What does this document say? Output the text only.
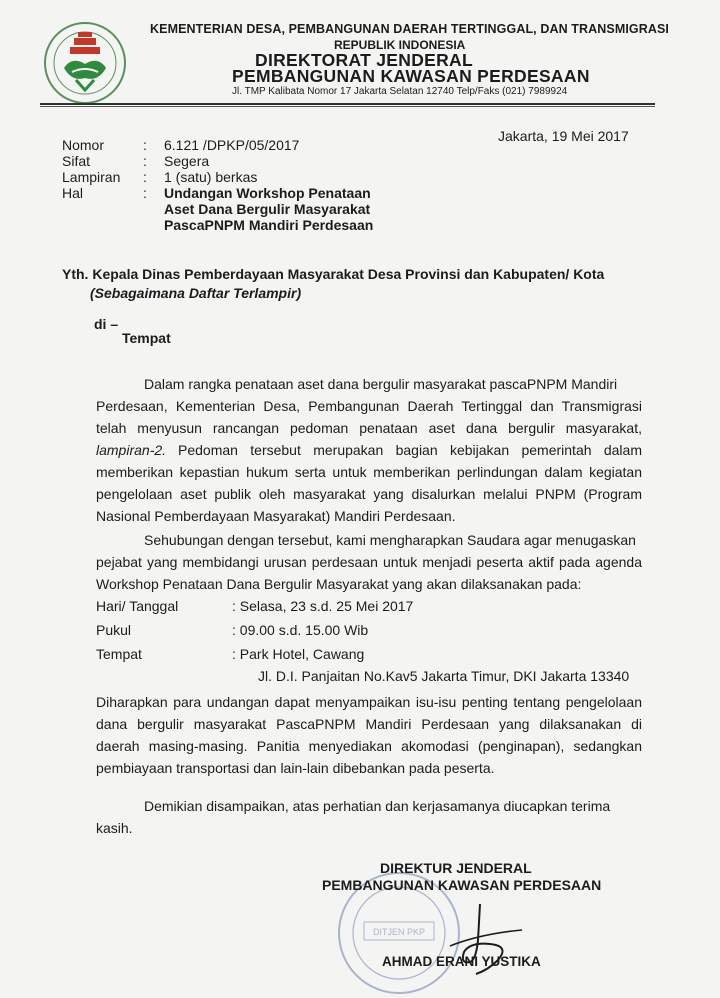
KEMENTERIAN DESA, PEMBANGUNAN DAERAH TERTINGGAL, DAN TRANSMIGRASI
REPUBLIK INDONESIA
DIREKTORAT JENDERAL
PEMBANGUNAN KAWASAN PERDESAAN
Jl. TMP Kalibata Nomor 17 Jakarta Selatan 12740 Telp/Faks (021) 7989924
Nomor	: 6.121 /DPKP/05/2017
Sifat	: Segera
Lampiran : 1 (satu) berkas
Hal	: Undangan Workshop Penataan
Aset Dana Bergulir Masyarakat
PascaPNPM Mandiri Perdesaan
Jakarta, 19 Mei 2017
Yth. Kepala Dinas Pemberdayaan Masyarakat Desa Provinsi dan Kabupaten/ Kota
(Sebagaimana Daftar Terlampir)
di –
Tempat
Dalam rangka penataan aset dana bergulir masyarakat pascaPNPM Mandiri
Perdesaan, Kementerian Desa, Pembangunan Daerah Tertinggal dan Transmigrasi
telah menyusun rancangan pedoman penataan aset dana bergulir masyarakat,
lampiran-2. Pedoman tersebut merupakan bagian kebijakan pemerintah dalam
memberikan kepastian hukum serta untuk memberikan perlindungan dalam kegiatan
pengelolaan aset publik oleh masyarakat yang disalurkan melalui PNPM (Program
Nasional Pemberdayaan Masyarakat) Mandiri Perdesaan.
Sehubungan dengan tersebut, kami mengharapkan Saudara agar menugaskan
pejabat yang membidangi urusan perdesaan untuk menjadi peserta aktif pada agenda
Workshop Penataan Dana Bergulir Masyarakat yang akan dilaksanakan pada:
Hari/ Tanggal	: Selasa, 23 s.d. 25 Mei 2017
Pukul	: 09.00 s.d. 15.00 Wib
Tempat	: Park Hotel, Cawang
Jl. D.I. Panjaitan No.Kav5 Jakarta Timur, DKI Jakarta 13340
Diharapkan para undangan dapat menyampaikan isu-isu penting tentang pengelolaan
dana bergulir masyarakat PascaPNPM Mandiri Perdesaan yang dilaksanakan di
daerah masing-masing. Panitia menyediakan akomodasi (penginapan), sedangkan
pembiayaan transportasi dan lain-lain dibebankan pada peserta.
Demikian disampaikan, atas perhatian dan kerjasamanya diucapkan terima
kasih.
DITJEN PKP
DIREKTUR JENDERAL
PEMBANGUNAN KAWASAN PERDESAAN
AHMAD ERANI YUSTIKA
